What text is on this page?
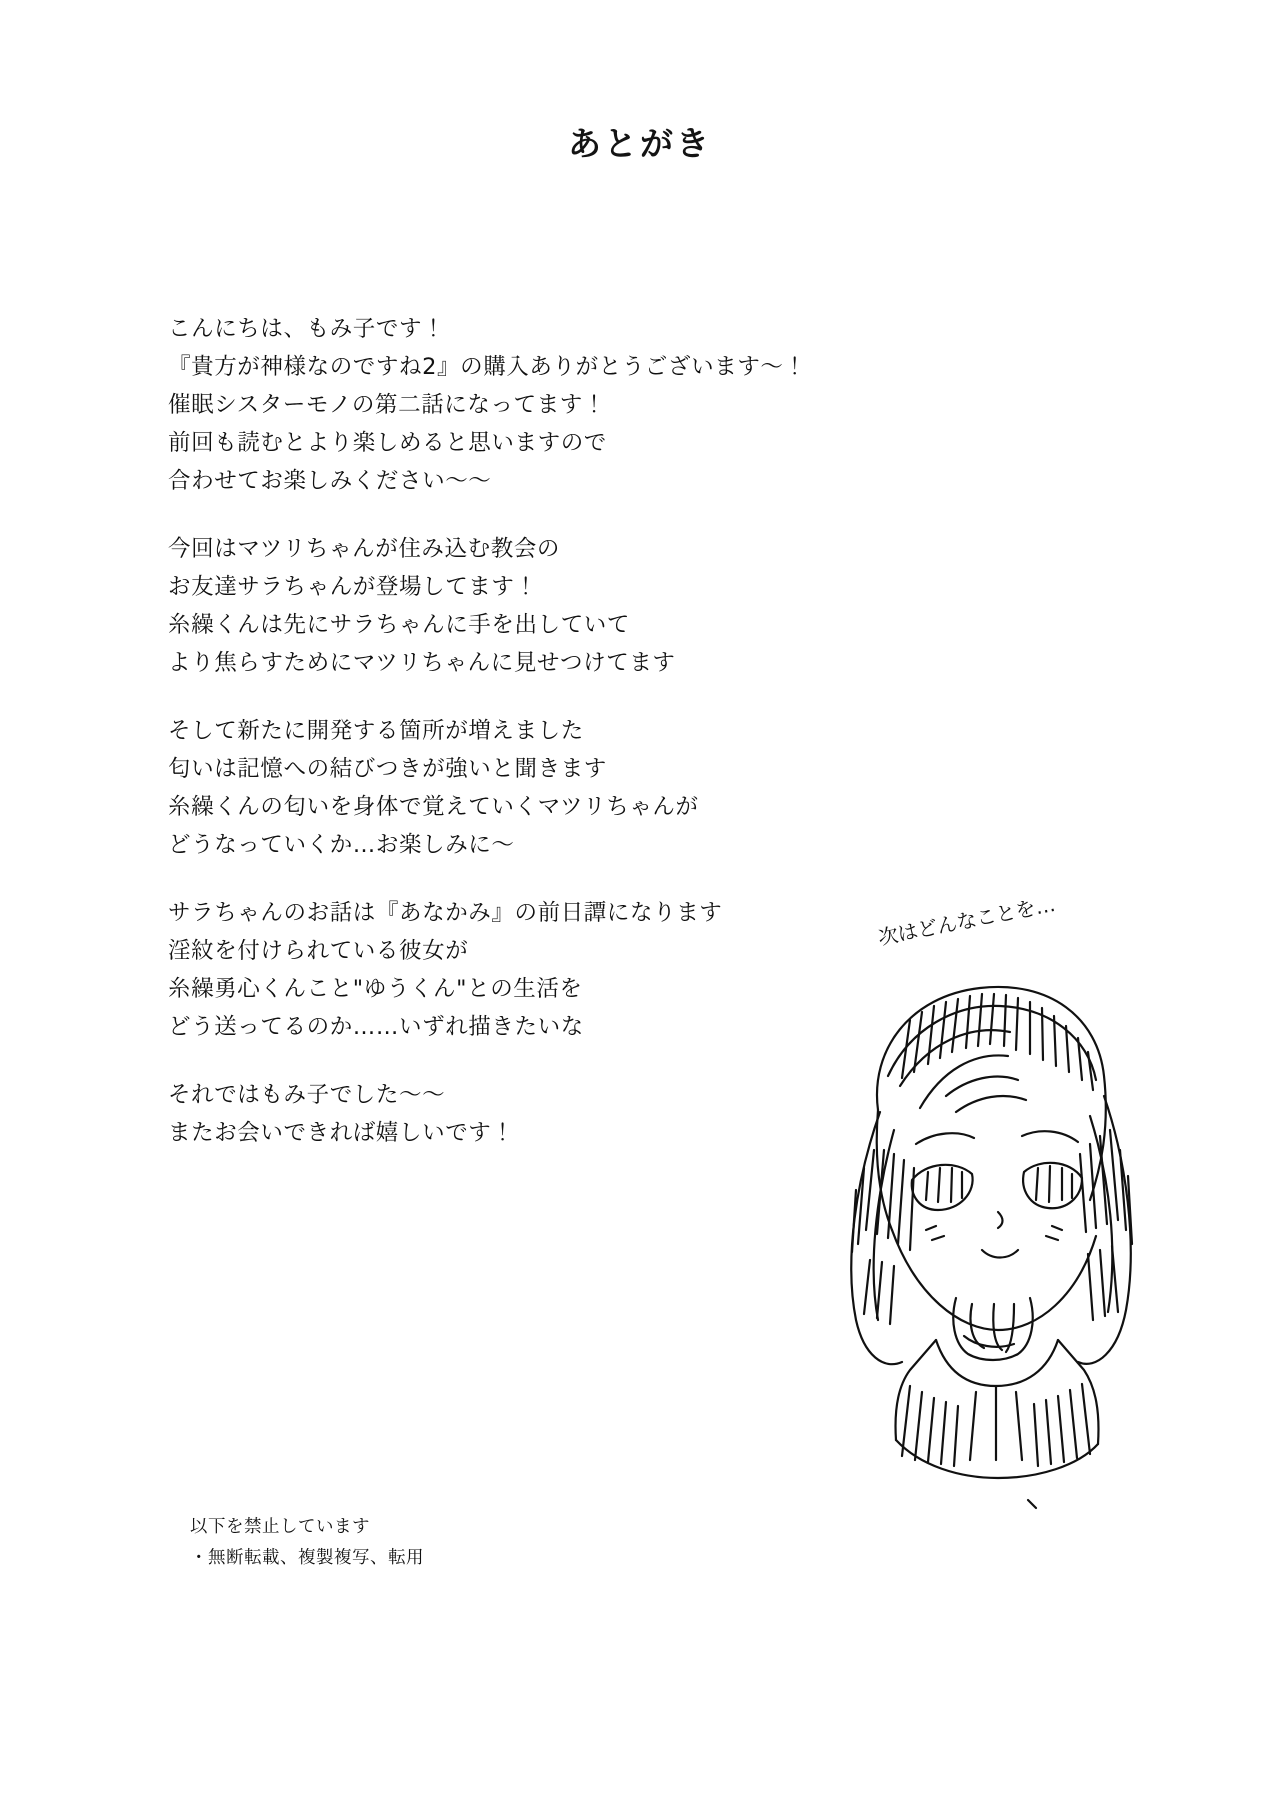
あとがき
こんにちは、もみ子です！
『貴方が神様なのですね2』の購入ありがとうございます〜！
催眠シスターモノの第二話になってます！
前回も読むとより楽しめると思いますので
合わせてお楽しみください〜〜
今回はマツリちゃんが住み込む教会の
お友達サラちゃんが登場してます！
糸繰くんは先にサラちゃんに手を出していて
より焦らすためにマツリちゃんに見せつけてます
そして新たに開発する箇所が増えました
匂いは記憶への結びつきが強いと聞きます
糸繰くんの匂いを身体で覚えていくマツリちゃんが
どうなっていくか…お楽しみに〜
サラちゃんのお話は『あなかみ』の前日譚になります
淫紋を付けられている彼女が
糸繰勇心くんこと"ゆうくん"との生活を
どう送ってるのか……いずれ描きたいな
それではもみ子でした〜〜
またお会いできれば嬉しいです！
以下を禁止しています
・無断転載、複製複写、転用
次はどんなことを…
